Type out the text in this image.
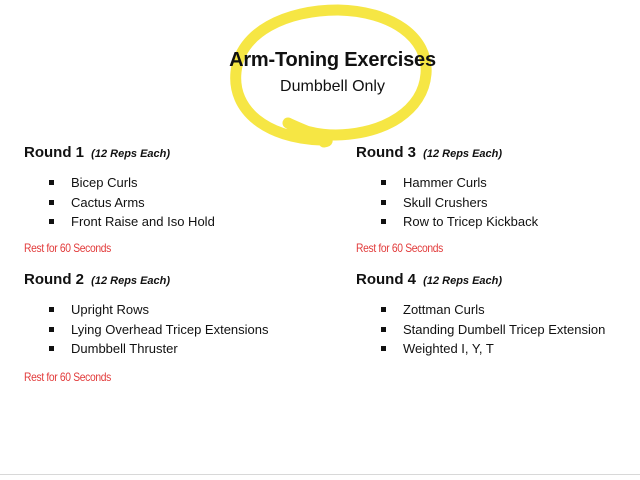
Arm-Toning Exercises
Dumbbell Only
Round 1 (12 Reps Each)
Bicep Curls
Cactus Arms
Front Raise and Iso Hold
Rest for 60 Seconds
Round 2 (12 Reps Each)
Upright Rows
Lying Overhead Tricep Extensions
Dumbbell Thruster
Rest for 60 Seconds
Round 3 (12 Reps Each)
Hammer Curls
Skull Crushers
Row to Tricep Kickback
Rest for 60 Seconds
Round 4 (12 Reps Each)
Zottman Curls
Standing Dumbell Tricep Extension
Weighted I, Y, T
